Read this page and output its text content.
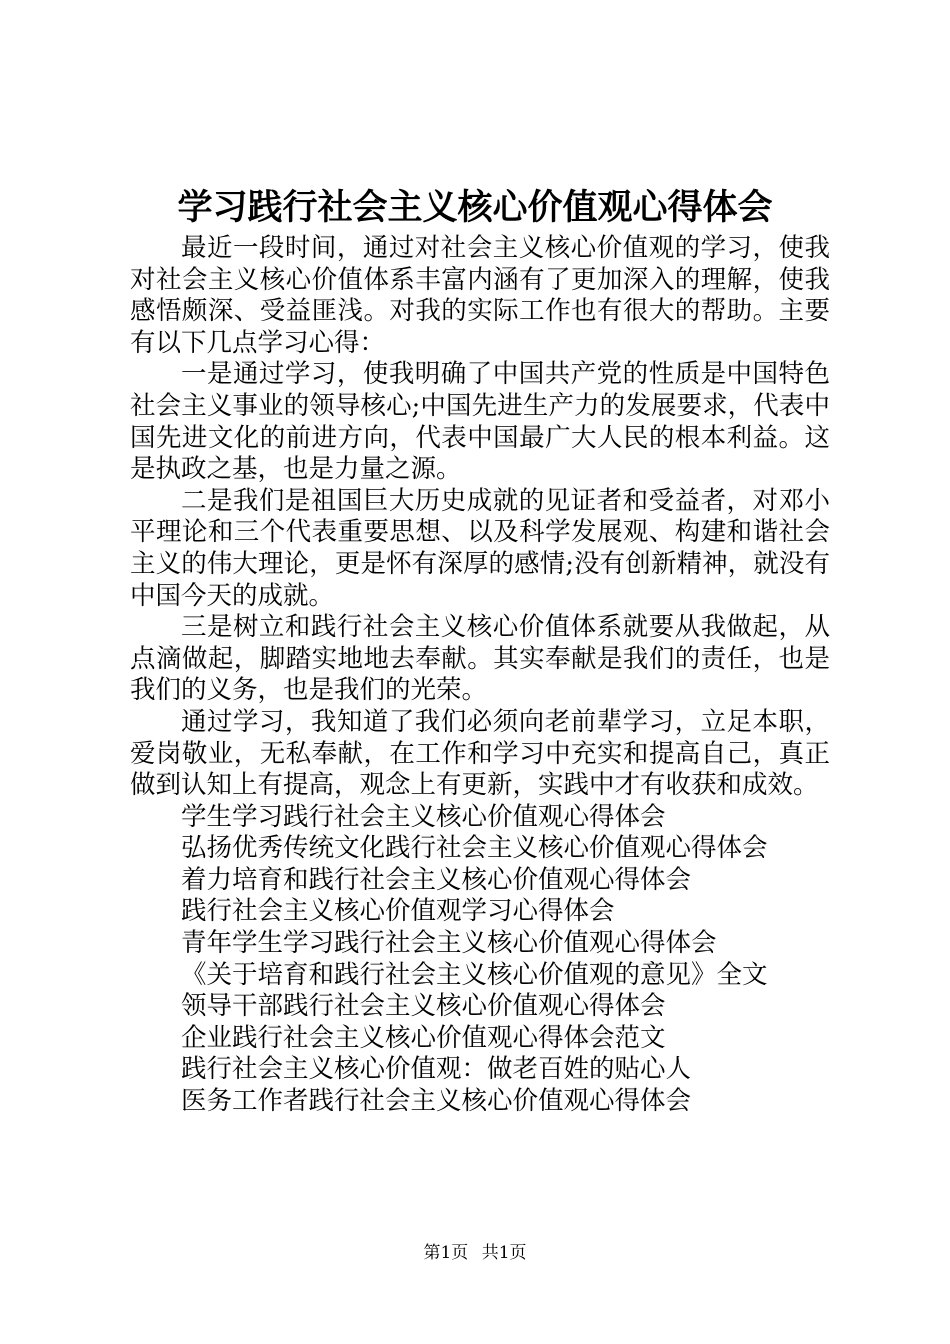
学习践行社会主义核心价值观心得体会

最近一段时间，通过对社会主义核心价值观的学习，使我对社会主义核心价值体系丰富内涵有了更加深入的理解，使我感悟颇深、受益匪浅。对我的实际工作也有很大的帮助。主要有以下几点学习心得：

一是通过学习，使我明确了中国共产党的性质是中国特色社会主义事业的领导核心;中国先进生产力的发展要求，代表中国先进文化的前进方向，代表中国最广大人民的根本利益。这是执政之基，也是力量之源。

二是我们是祖国巨大历史成就的见证者和受益者，对邓小平理论和三个代表重要思想、以及科学发展观、构建和谐社会主义的伟大理论，更是怀有深厚的感情;没有创新精神，就没有中国今天的成就。

三是树立和践行社会主义核心价值体系就要从我做起，从点滴做起，脚踏实地地去奉献。其实奉献是我们的责任，也是我们的义务，也是我们的光荣。

通过学习，我知道了我们必须向老前辈学习，立足本职，爱岗敬业，无私奉献，在工作和学习中充实和提高自己，真正做到认知上有提高，观念上有更新，实践中才有收获和成效。

学生学习践行社会主义核心价值观心得体会
弘扬优秀传统文化践行社会主义核心价值观心得体会
着力培育和践行社会主义核心价值观心得体会
践行社会主义核心价值观学习心得体会
青年学生学习践行社会主义核心价值观心得体会
《关于培育和践行社会主义核心价值观的意见》全文
领导干部践行社会主义核心价值观心得体会
企业践行社会主义核心价值观心得体会范文
践行社会主义核心价值观：做老百姓的贴心人
医务工作者践行社会主义核心价值观心得体会
第1页 共1页
